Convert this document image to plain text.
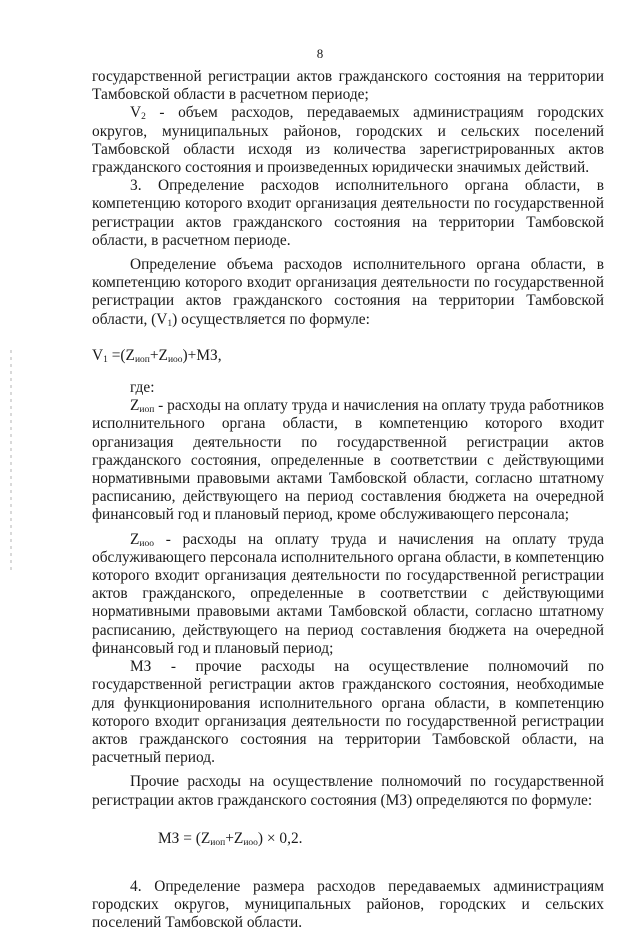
8

государственной регистрации актов гражданского состояния на территории Тамбовской области в расчетном периоде;

$V_2$ - объем расходов, передаваемых администрациям городских округов, муниципальных районов, городских и сельских поселений Тамбовской области исходя из количества зарегистрированных актов гражданского состояния и произведенных юридически значимых действий.

3. Определение расходов исполнительного органа области, в компетенцию которого входит организация деятельности по государственной регистрации актов гражданского состояния на территории Тамбовской области, в расчетном периоде.

Определение объема расходов исполнительного органа области, в компетенцию которого входит организация деятельности по государственной регистрации актов гражданского состояния на территории Тамбовской области, $(V_1)$ осуществляется по формуле:

$V_1 =(Z_{иоп}+Z_{иоо})+МЗ$,

где:

$Z_{иоп}$ - расходы на оплату труда и начисления на оплату труда работников исполнительного органа области, в компетенцию которого входит организация деятельности по государственной регистрации актов гражданского состояния, определенные в соответствии с действующими нормативными правовыми актами Тамбовской области, согласно штатному расписанию, действующего на период составления бюджета на очередной финансовый год и плановый период, кроме обслуживающего персонала;

$Z_{иоо}$ - расходы на оплату труда и начисления на оплату труда обслуживающего персонала исполнительного органа области, в компетенцию которого входит организация деятельности по государственной регистрации актов гражданского, определенные в соответствии с действующими нормативными правовыми актами Тамбовской области, согласно штатному расписанию, действующего на период составления бюджета на очередной финансовый год и плановый период;

МЗ - прочие расходы на осуществление полномочий по государственной регистрации актов гражданского состояния, необходимые для функционирования исполнительного органа области, в компетенцию которого входит организация деятельности по государственной регистрации актов гражданского состояния на территории Тамбовской области, на расчетный период.

Прочие расходы на осуществление полномочий по государственной регистрации актов гражданского состояния (МЗ) определяются по формуле:

МЗ = $(Z_{иоп}+Z_{иоо}) \times 0,2$.

4. Определение размера расходов передаваемых администрациям городских округов, муниципальных районов, городских и сельских поселений Тамбовской области.
